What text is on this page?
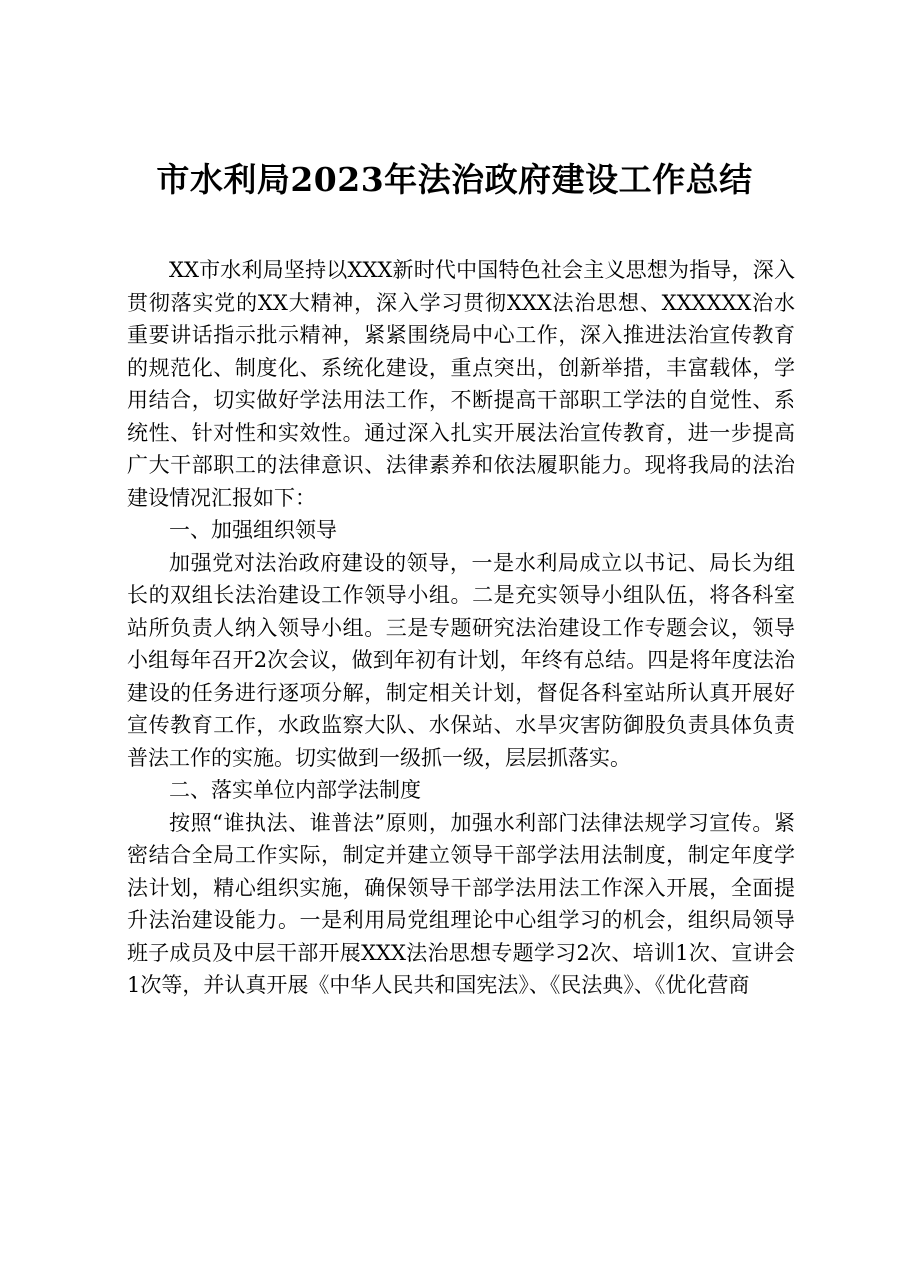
市水利局2023年法治政府建设工作总结

XX市水利局坚持以XXX新时代中国特色社会主义思想为指导，深入贯彻落实党的XX大精神，深入学习贯彻XXX法治思想、XXXXXX治水重要讲话指示批示精神，紧紧围绕局中心工作，深入推进法治宣传教育的规范化、制度化、系统化建设，重点突出，创新举措，丰富载体，学用结合，切实做好学法用法工作，不断提高干部职工学法的自觉性、系统性、针对性和实效性。通过深入扎实开展法治宣传教育，进一步提高广大干部职工的法律意识、法律素养和依法履职能力。现将我局的法治建设情况汇报如下：

一、加强组织领导

加强党对法治政府建设的领导，一是水利局成立以书记、局长为组长的双组长法治建设工作领导小组。二是充实领导小组队伍，将各科室站所负责人纳入领导小组。三是专题研究法治建设工作专题会议，领导小组每年召开2次会议，做到年初有计划，年终有总结。四是将年度法治建设的任务进行逐项分解，制定相关计划，督促各科室站所认真开展好宣传教育工作，水政监察大队、水保站、水旱灾害防御股负责具体负责普法工作的实施。切实做到一级抓一级，层层抓落实。

二、落实单位内部学法制度

按照“谁执法、谁普法”原则，加强水利部门法律法规学习宣传。紧密结合全局工作实际，制定并建立领导干部学法用法制度，制定年度学法计划，精心组织实施，确保领导干部学法用法工作深入开展，全面提升法治建设能力。一是利用局党组理论中心组学习的机会，组织局领导班子成员及中层干部开展XXX法治思想专题学习2次、培训1次、宣讲会1次等，并认真开展《中华人民共和国宪法》、《民法典》、《优化营商
